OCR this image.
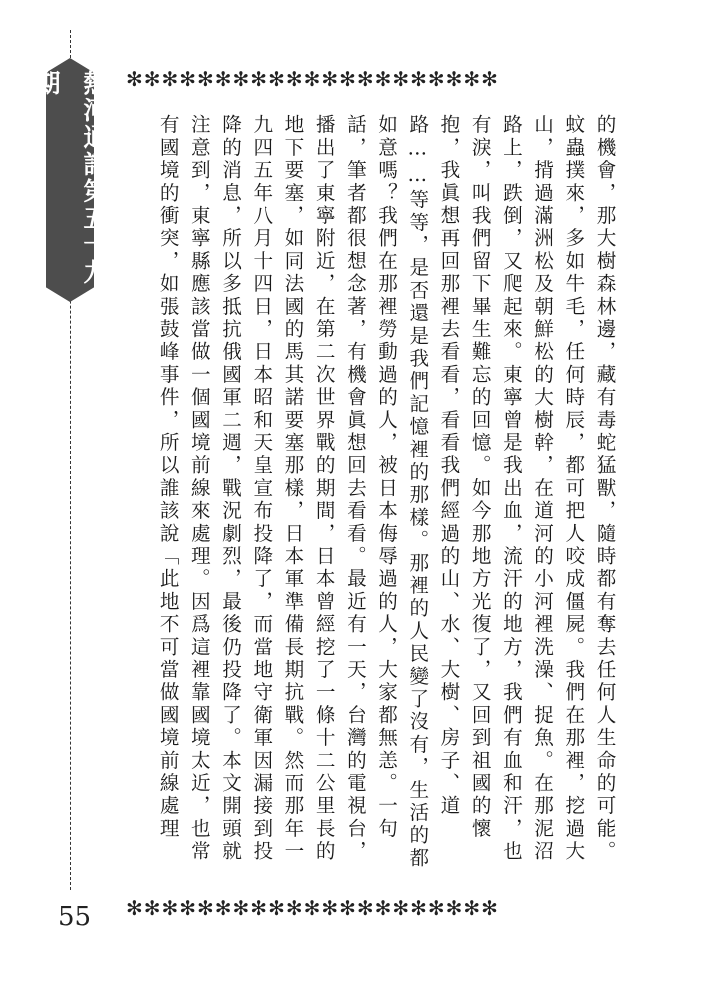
熱河通訊第五十九期	✻✻✻✻✻✻✻✻✻✻✻✻✻✻✻✻✻✻✻✻✻
的機會，那大樹森林邊，藏有毒蛇猛獸，隨時都有奪去任何人生命的可能。蚊蟲撲來，多如牛毛，任何時辰，都可把人咬成僵屍。我們在那裡，挖過大山，揹過滿洲松及朝鮮松的大樹幹，在道河的小河裡洗澡、捉魚。在那泥沼路上，跌倒，又爬起來。東寧曾是我出血，流汗的地方，我們有血和汗，也有淚，叫我們留下畢生難忘的回憶。如今那地方光復了，又回到祖國的懷抱，我眞想再回那裡去看看，看看我們經過的山、水、大樹、房子、道路……等等，是否還是我們記憶裡的那樣。那裡的人民變了沒有，生活的都如意嗎？我們在那裡勞動過的人，被日本侮辱過的人，大家都無恙。一句話，筆者都很想念著，有機會眞想回去看看。最近有一天，台灣的電視台，播出了東寧附近，在第二次世界戰的期間，日本曾經挖了一條十二公里長的地下要塞，如同法國的馬其諾要塞那樣，日本軍準備長期抗戰。然而那年一九四五年八月十四日，日本昭和天皇宣布投降了，而當地守衛軍因漏接到投降的消息，所以多抵抗俄國軍二週，戰況劇烈，最後仍投降了。本文開頭就注意到，東寧縣應該當做一個國境前線來處理。因爲這裡靠國境太近，也常有國境的衝突，如張鼓峰事件，所以誰該說「此地不可當做國境前線處理
✻✻✻✻✻✻✻✻✻✻✻✻✻✻✻✻✻✻✻✻✻
55
